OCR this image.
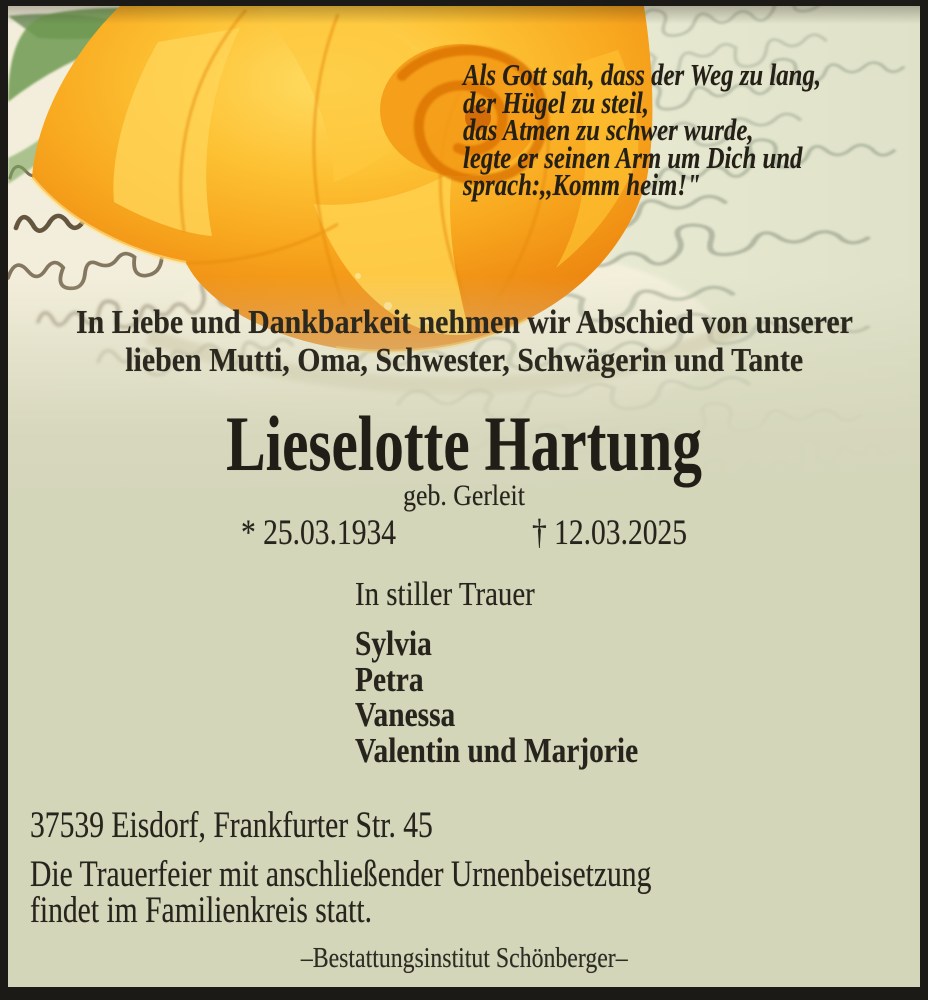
Als Gott sah, dass der Weg zu lang,
der Hügel zu steil,
das Atmen zu schwer wurde,
legte er seinen Arm um Dich und
sprach:,,Komm heim!"
In Liebe und Dankbarkeit nehmen wir Abschied von unserer
lieben Mutti, Oma, Schwester, Schwägerin und Tante
Lieselotte Hartung
geb. Gerleit
* 25.03.1934	† 12.03.2025
In stiller Trauer
Sylvia
Petra
Vanessa
Valentin und Marjorie
37539 Eisdorf, Frankfurter Str. 45
Die Trauerfeier mit anschließender Urnenbeisetzung
findet im Familienkreis statt.
–Bestattungsinstitut Schönberger–
